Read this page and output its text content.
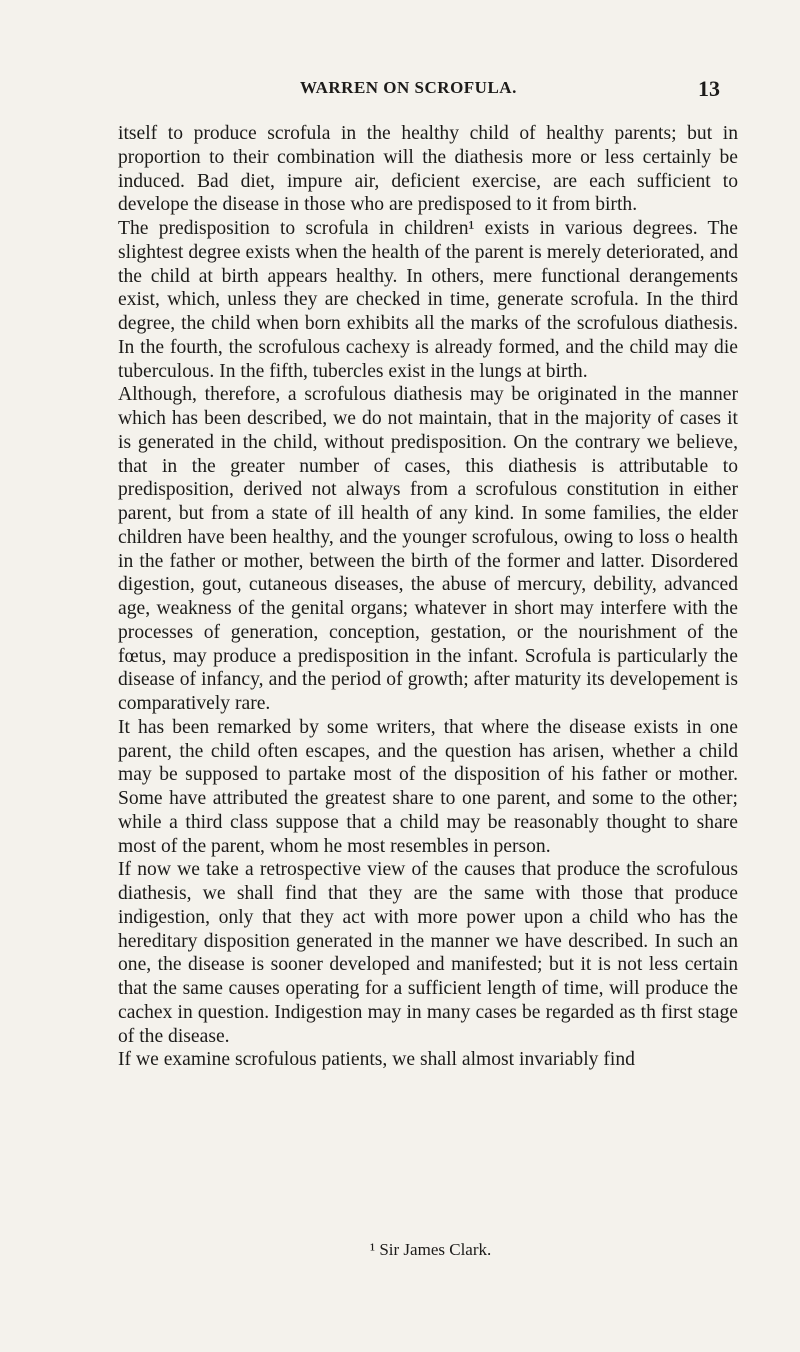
WARREN ON SCROFULA.	13

itself to produce scrofula in the healthy child of healthy parents; but in proportion to their combination will the diathesis more or less certainly be induced. Bad diet, impure air, deficient exercise, are each sufficient to develope the disease in those who are predisposed to it from birth.

The predisposition to scrofula in children¹ exists in various degrees. The slightest degree exists when the health of the parent is merely deteriorated, and the child at birth appears healthy. In others, mere functional derangements exist, which, unless they are checked in time, generate scrofula. In the third degree, the child when born exhibits all the marks of the scrofulous diathesis. In the fourth, the scrofulous cachexy is already formed, and the child may die tuberculous. In the fifth, tubercles exist in the lungs at birth.

Although, therefore, a scrofulous diathesis may be originated in the manner which has been described, we do not maintain, that in the majority of cases it is generated in the child, without predisposition. On the contrary we believe, that in the greater number of cases, this diathesis is attributable to predisposition, derived not always from a scrofulous constitution in either parent, but from a state of ill health of any kind. In some families, the elder children have been healthy, and the younger scrofulous, owing to loss o health in the father or mother, between the birth of the former and latter. Disordered digestion, gout, cutaneous diseases, the abuse of mercury, debility, advanced age, weakness of the genital organs; whatever in short may interfere with the processes of generation, conception, gestation, or the nourishment of the fœtus, may produce a predisposition in the infant. Scrofula is particularly the disease of infancy, and the period of growth; after maturity its developement is comparatively rare.

It has been remarked by some writers, that where the disease exists in one parent, the child often escapes, and the question has arisen, whether a child may be supposed to partake most of the disposition of his father or mother. Some have attributed the greatest share to one parent, and some to the other; while a third class suppose that a child may be reasonably thought to share most of the parent, whom he most resembles in person.

If now we take a retrospective view of the causes that produce the scrofulous diathesis, we shall find that they are the same with those that produce indigestion, only that they act with more power upon a child who has the hereditary disposition generated in the manner we have described. In such an one, the disease is sooner developed and manifested; but it is not less certain that the same causes operating for a sufficient length of time, will produce the cachex in question. Indigestion may in many cases be regarded as th first stage of the disease.

If we examine scrofulous patients, we shall almost invariably find

¹ Sir James Clark.
